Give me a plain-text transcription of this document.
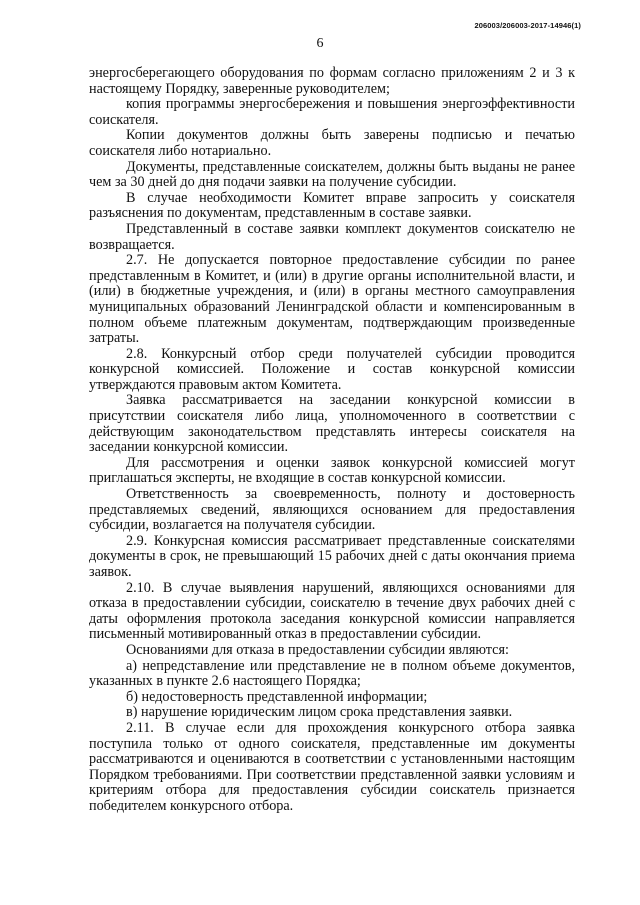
206003/206003-2017-14946(1)
6

энергосберегающего оборудования по формам согласно приложениям 2 и 3 к настоящему Порядку, заверенные руководителем;

копия программы энергосбережения и повышения энергоэффективности соискателя.

Копии документов должны быть заверены подписью и печатью соискателя либо нотариально.

Документы, представленные соискателем, должны быть выданы не ранее чем за 30 дней до дня подачи заявки на получение субсидии.

В случае необходимости Комитет вправе запросить у соискателя разъяснения по документам, представленным в составе заявки.

Представленный в составе заявки комплект документов соискателю не возвращается.

2.7. Не допускается повторное предоставление субсидии по ранее представленным в Комитет, и (или) в другие органы исполнительной власти, и (или) в бюджетные учреждения, и (или) в органы местного самоуправления муниципальных образований Ленинградской области и компенсированным в полном объеме платежным документам, подтверждающим произведенные затраты.

2.8. Конкурсный отбор среди получателей субсидии проводится конкурсной комиссией. Положение и состав конкурсной комиссии утверждаются правовым актом Комитета.

Заявка рассматривается на заседании конкурсной комиссии в присутствии соискателя либо лица, уполномоченного в соответствии с действующим законодательством представлять интересы соискателя на заседании конкурсной комиссии.

Для рассмотрения и оценки заявок конкурсной комиссией могут приглашаться эксперты, не входящие в состав конкурсной комиссии.

Ответственность за своевременность, полноту и достоверность представляемых сведений, являющихся основанием для предоставления субсидии, возлагается на получателя субсидии.

2.9. Конкурсная комиссия рассматривает представленные соискателями документы в срок, не превышающий 15 рабочих дней с даты окончания приема заявок.

2.10. В случае выявления нарушений, являющихся основаниями для отказа в предоставлении субсидии, соискателю в течение двух рабочих дней с даты оформления протокола заседания конкурсной комиссии направляется письменный мотивированный отказ в предоставлении субсидии.

Основаниями для отказа в предоставлении субсидии являются:

а) непредставление или представление не в полном объеме документов, указанных в пункте 2.6 настоящего Порядка;

б) недостоверность представленной информации;

в) нарушение юридическим лицом срока представления заявки.

2.11. В случае если для прохождения конкурсного отбора заявка поступила только от одного соискателя, представленные им документы рассматриваются и оцениваются в соответствии с установленными настоящим Порядком требованиями. При соответствии представленной заявки условиям и критериям отбора для предоставления субсидии соискатель признается победителем конкурсного отбора.
